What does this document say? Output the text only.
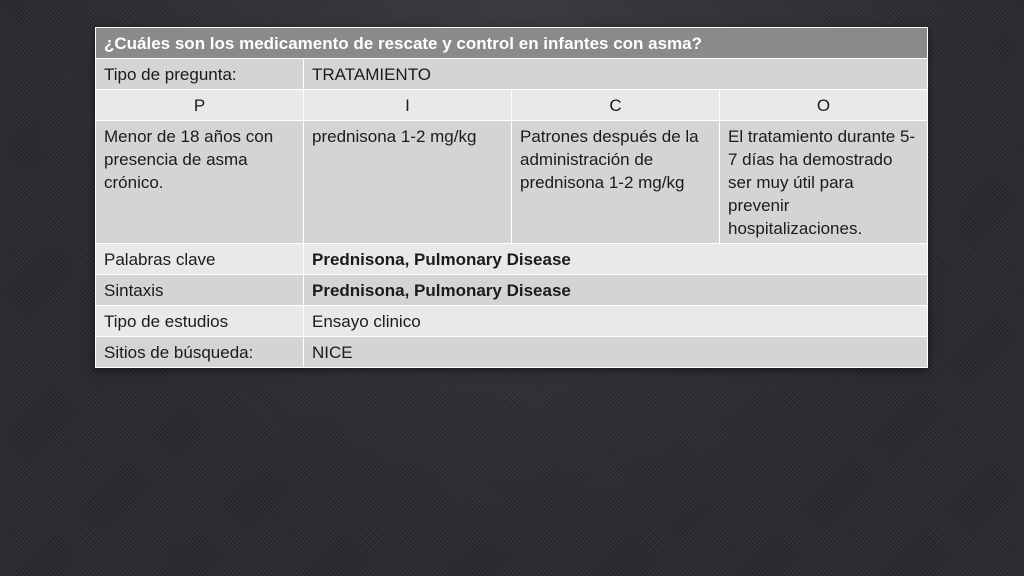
¿Cuáles son los medicamento de rescate y control en infantes con asma?			
Tipo de pregunta:	TRATAMIENTO		
P	I	C	O
Menor de 18 años con presencia de asma crónico.	prednisona 1-2 mg/kg	Patrones después de la administración de prednisona 1-2 mg/kg	El tratamiento durante 5-7 días ha demostrado ser muy útil para prevenir hospitalizaciones.
Palabras clave	Prednisona, Pulmonary Disease		
Sintaxis	Prednisona, Pulmonary Disease		
Tipo de estudios	Ensayo clinico		
Sitios de búsqueda:	NICE		
